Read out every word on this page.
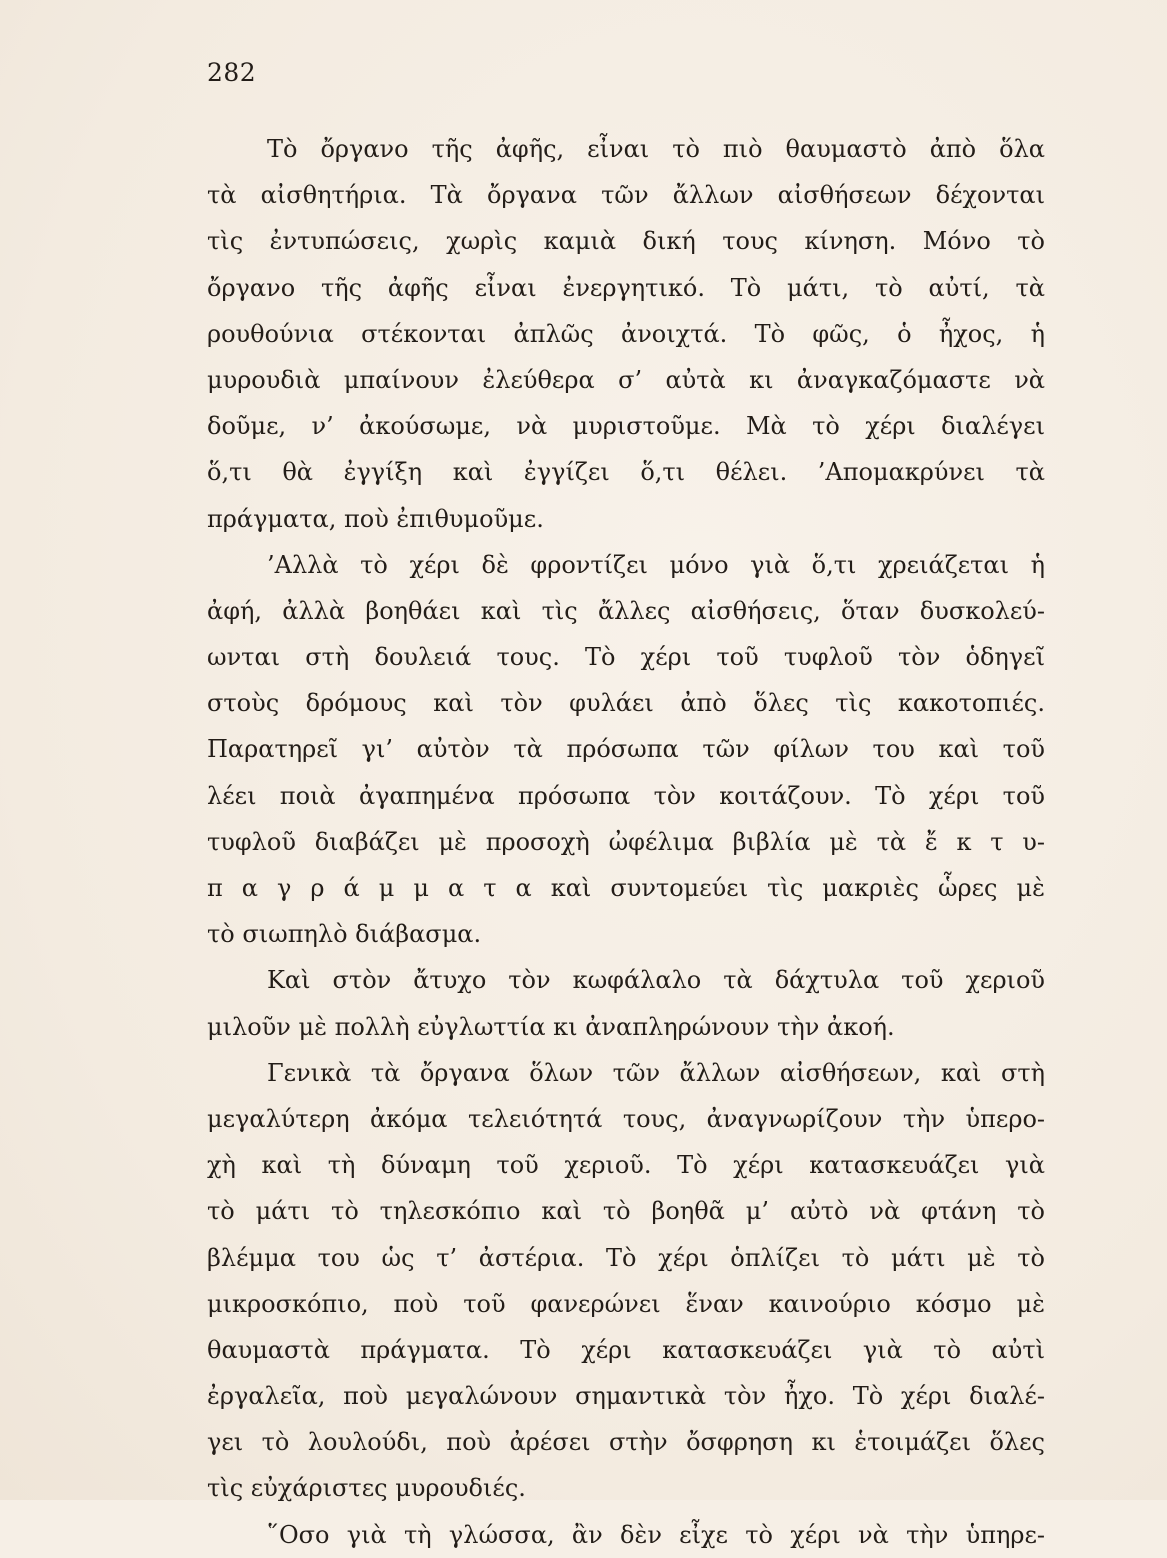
282
Τὸ ὄργανο τῆς ἀφῆς, εἶναι τὸ πιὸ θαυμαστὸ ἀπὸ ὅλα
τὰ αἰσθητήρια. Τὰ ὄργανα τῶν ἄλλων αἰσθήσεων δέχονται
τὶς ἐντυπώσεις, χωρὶς καμιὰ δική τους κίνηση. Μόνο τὸ
ὄργανο τῆς ἀφῆς εἶναι ἐνεργητικό. Τὸ μάτι, τὸ αὐτί, τὰ
ρουθούνια στέκονται ἀπλῶς ἀνοιχτά. Τὸ φῶς, ὁ ἦχος, ἡ
μυρουδιὰ μπαίνουν ἐλεύθερα σ’ αὐτὰ κι ἀναγκαζόμαστε νὰ
δοῦμε, ν’ ἀκούσωμε, νὰ μυριστοῦμε. Μὰ τὸ χέρι διαλέγει
ὅ,τι θὰ ἐγγίξη καὶ ἐγγίζει ὅ,τι θέλει. ’Απομακρύνει τὰ
πράγματα, ποὺ ἐπιθυμοῦμε.
’Αλλὰ τὸ χέρι δὲ φροντίζει μόνο γιὰ ὅ,τι χρειάζεται ἡ
ἀφή, ἀλλὰ βοηθάει καὶ τὶς ἄλλες αἰσθήσεις, ὅταν δυσκολεύ-
ωνται στὴ δουλειά τους. Τὸ χέρι τοῦ τυφλοῦ τὸν ὁδηγεῖ
στοὺς δρόμους καὶ τὸν φυλάει ἀπὸ ὅλες τὶς κακοτοπιές.
Παρατηρεῖ γι’ αὐτὸν τὰ πρόσωπα τῶν φίλων του καὶ τοῦ
λέει ποιὰ ἀγαπημένα πρόσωπα τὸν κοιτάζουν. Τὸ χέρι τοῦ
τυφλοῦ διαβάζει μὲ προσοχὴ ὠφέλιμα βιβλία μὲ τὰ ἔ κ τ υ-
π α γ ρ ά μ μ α τ α καὶ συντομεύει τὶς μακριὲς ὧρες μὲ
τὸ σιωπηλὸ διάβασμα.
Καὶ στὸν ἄτυχο τὸν κωφάλαλο τὰ δάχτυλα τοῦ χεριοῦ
μιλοῦν μὲ πολλὴ εὐγλωττία κι ἀναπληρώνουν τὴν ἀκοή.
Γενικὰ τὰ ὄργανα ὅλων τῶν ἄλλων αἰσθήσεων, καὶ στὴ
μεγαλύτερη ἀκόμα τελειότητά τους, ἀναγνωρίζουν τὴν ὑπερο-
χὴ καὶ τὴ δύναμη τοῦ χεριοῦ. Τὸ χέρι κατασκευάζει γιὰ
τὸ μάτι τὸ τηλεσκόπιο καὶ τὸ βοηθᾶ μ’ αὐτὸ νὰ φτάνη τὸ
βλέμμα του ὡς τ’ ἀστέρια. Τὸ χέρι ὁπλίζει τὸ μάτι μὲ τὸ
μικροσκόπιο, ποὺ τοῦ φανερώνει ἕναν καινούριο κόσμο μὲ
θαυμαστὰ πράγματα. Τὸ χέρι κατασκευάζει γιὰ τὸ αὐτὶ
ἐργαλεῖα, ποὺ μεγαλώνουν σημαντικὰ τὸν ἦχο. Τὸ χέρι διαλέ-
γει τὸ λουλούδι, ποὺ ἀρέσει στὴν ὄσφρηση κι ἑτοιμάζει ὅλες
τὶς εὐχάριστες μυρουδιές.
῞Οσο γιὰ τὴ γλώσσα, ἂν δὲν εἶχε τὸ χέρι νὰ τὴν ὑπηρε-
